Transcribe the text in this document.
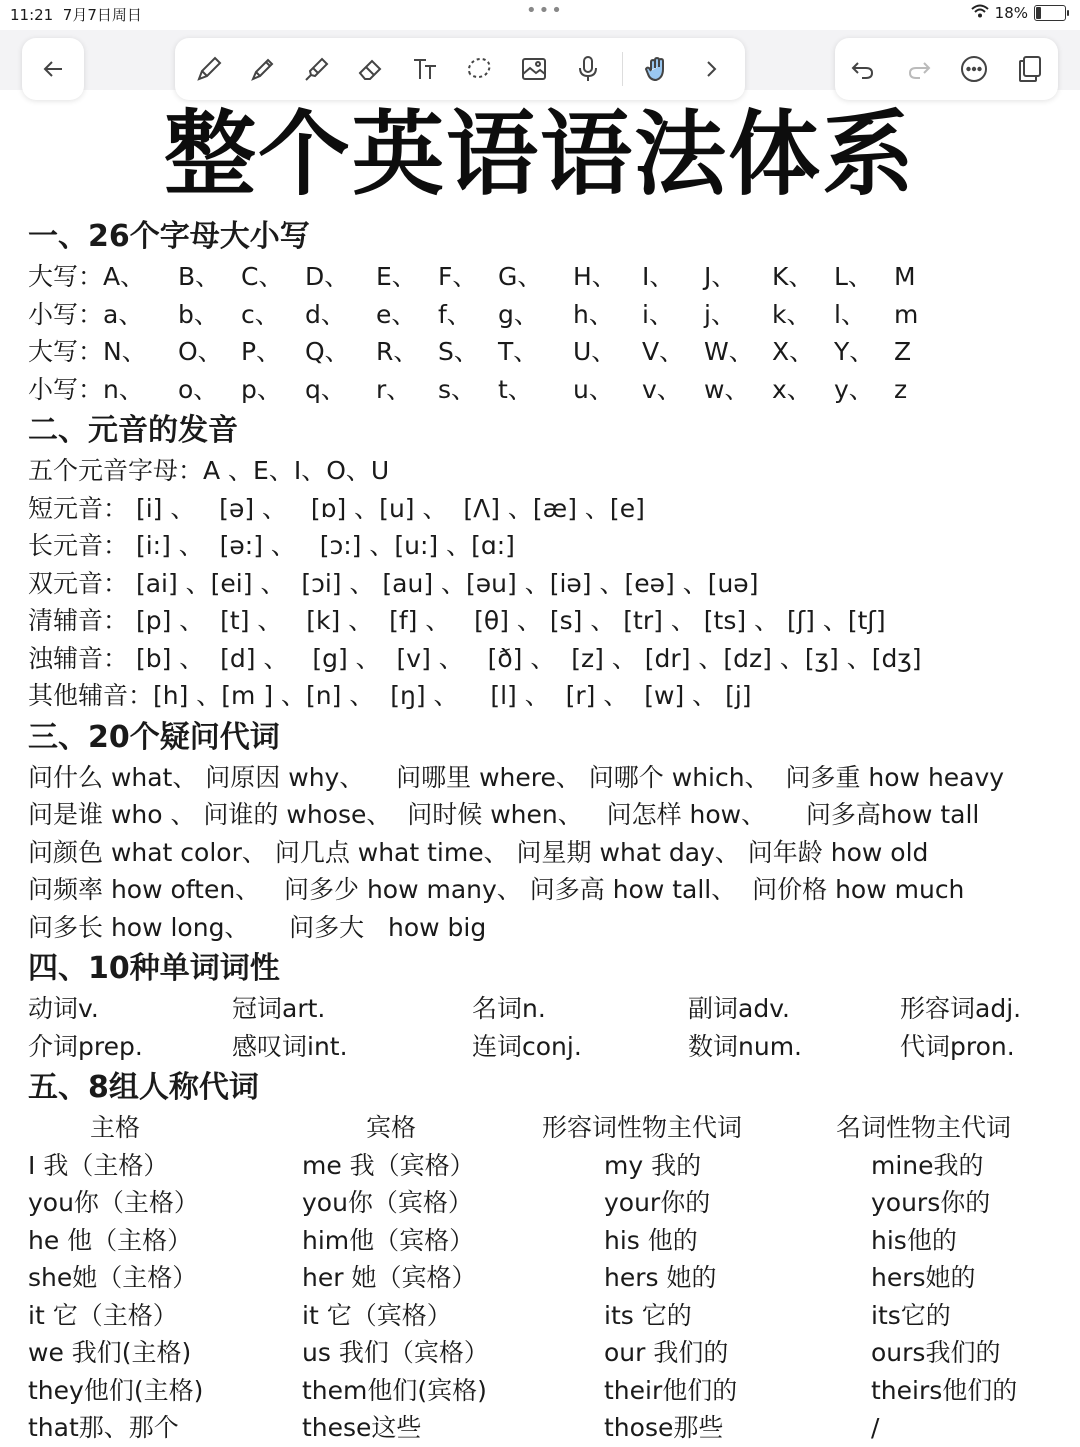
11:21 7月7日周日	•••	18%
整个英语语法体系
一、26个字母大小写
大写：A、 B、 C、 D、 E、 F、 G、 H、 I、 J、 K、 L、 M
小写：a、 b、 c、 d、 e、 f、 g、 h、 i、 j、 k、 l、 m
大写：N、 O、 P、 Q、 R、 S、 T、 U、 V、 W、 X、 Y、 Z
小写：n、 o、 p、 q、 r、 s、 t、 u、 v、 w、 x、 y、 z
二、元音的发音
五个元音字母：A 、E、I、O、U
短元音： [i] 、   [ə] 、   [ɒ] 、[u] 、  [Λ] 、[æ] 、[e]
长元音： [i:] 、  [ə:] 、   [ɔ:] 、[u:] 、[ɑ:]
双元音： [ai] 、[ei] 、  [ɔi] 、 [au] 、[əu] 、[iə] 、[eə] 、[uə]
清辅音： [p] 、  [t] 、   [k] 、  [f] 、   [θ] 、 [s] 、 [tr] 、 [ts] 、 [ʃ] 、[tʃ]
浊辅音： [b] 、  [d] 、   [g] 、  [v] 、   [ð] 、  [z] 、 [dr] 、[dz] 、[ʒ] 、[dʒ]
其他辅音：[h] 、[m ] 、[n] 、  [ŋ] 、    [l] 、  [r] 、  [w] 、 [j]
三、20个疑问代词
问什么 what、 问原因 why、    问哪里 where、 问哪个 which、  问多重 how heavy
问是谁 who 、 问谁的 whose、  问时候 when、   问怎样 how、     问多高how tall
问颜色 what color、 问几点 what time、 问星期 what day、 问年龄 how old
问频率 how often、   问多少 how many、 问多高 how tall、  问价格 how much
问多长 how long、     问多大   how big
四、10种单词词性
动词v.	冠词art.	名词n.	副词adv.	形容词adj.
介词prep.	感叹词int.	连词conj.	数词num.	代词pron.
五、8组人称代词
主格	宾格	形容词性物主代词	名词性物主代词
I 我（主格）	me 我（宾格）	my 我的	mine我的
you你（主格）	you你（宾格）	your你的	yours你的
he 他（主格）	him他（宾格）	his 他的	his他的
she她（主格）	her 她（宾格）	hers 她的	hers她的
it 它（主格）	it 它（宾格）	its 它的	its它的
we 我们(主格)	us 我们（宾格）	our 我们的	ours我们的
they他们(主格)	them他们(宾格)	their他们的	theirs他们的
that那、那个	these这些	those那些	/
